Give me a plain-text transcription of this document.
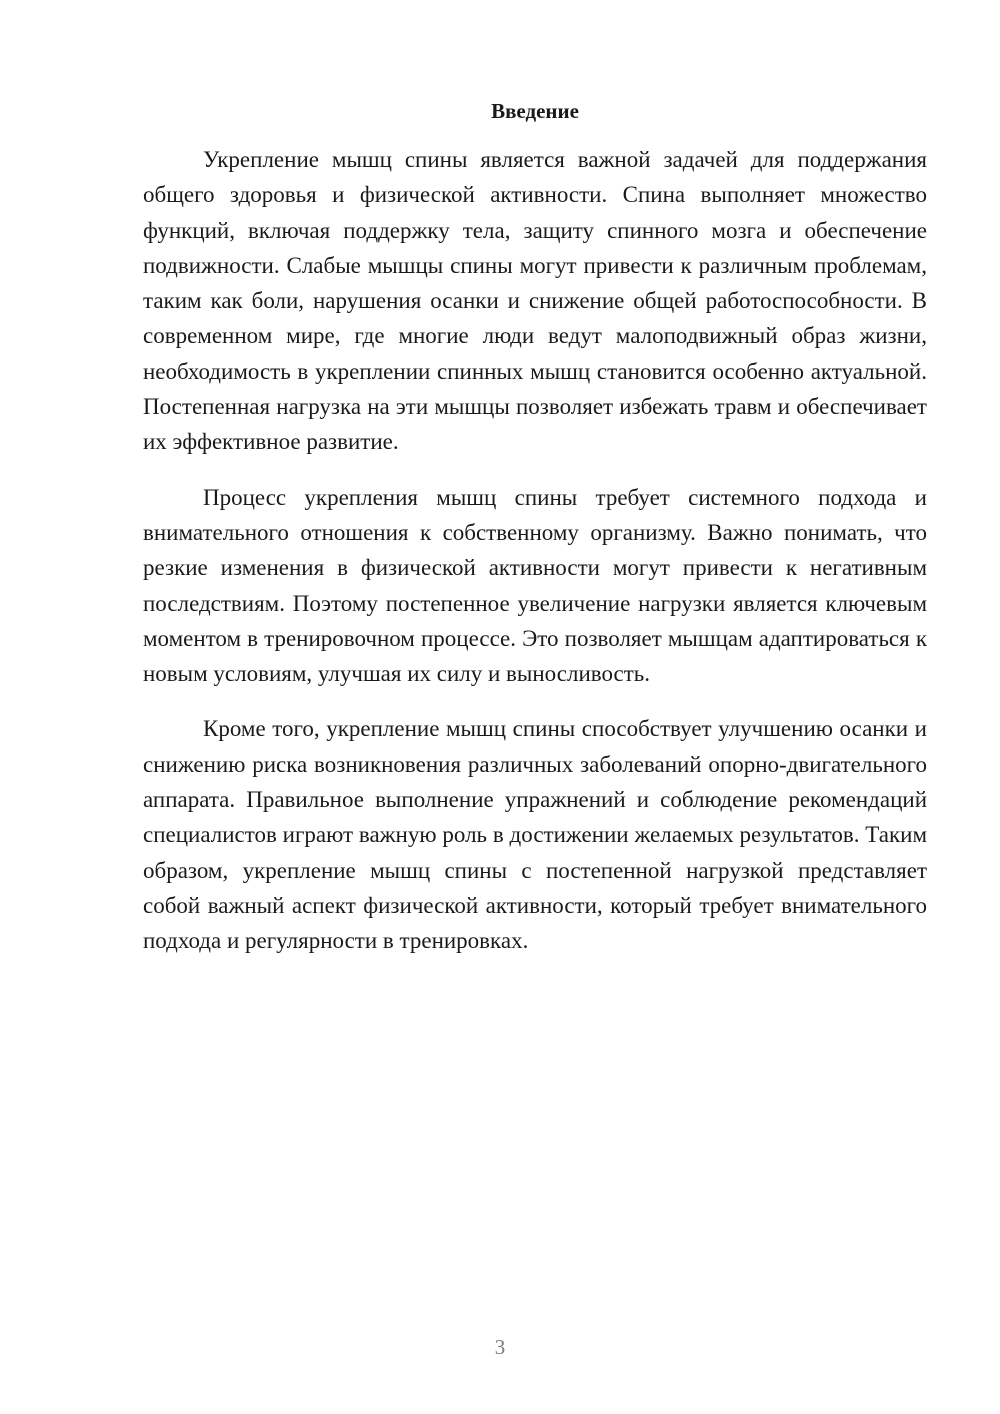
Введение

Укрепление мышц спины является важной задачей для поддержания общего здоровья и физической активности. Спина выполняет множество функций, включая поддержку тела, защиту спинного мозга и обеспечение подвижности. Слабые мышцы спины могут привести к различным проблемам, таким как боли, нарушения осанки и снижение общей работоспособности. В современном мире, где многие люди ведут малоподвижный образ жизни, необходимость в укреплении спинных мышц становится особенно актуальной. Постепенная нагрузка на эти мышцы позволяет избежать травм и обеспечивает их эффективное развитие.

Процесс укрепления мышц спины требует системного подхода и внимательного отношения к собственному организму. Важно понимать, что резкие изменения в физической активности могут привести к негативным последствиям. Поэтому постепенное увеличение нагрузки является ключевым моментом в тренировочном процессе. Это позволяет мышцам адаптироваться к новым условиям, улучшая их силу и выносливость.

Кроме того, укрепление мышц спины способствует улучшению осанки и снижению риска возникновения различных заболеваний опорно-двигательного аппарата. Правильное выполнение упражнений и соблюдение рекомендаций специалистов играют важную роль в достижении желаемых результатов. Таким образом, укрепление мышц спины с постепенной нагрузкой представляет собой важный аспект физической активности, который требует внимательного подхода и регулярности в тренировках.

3
